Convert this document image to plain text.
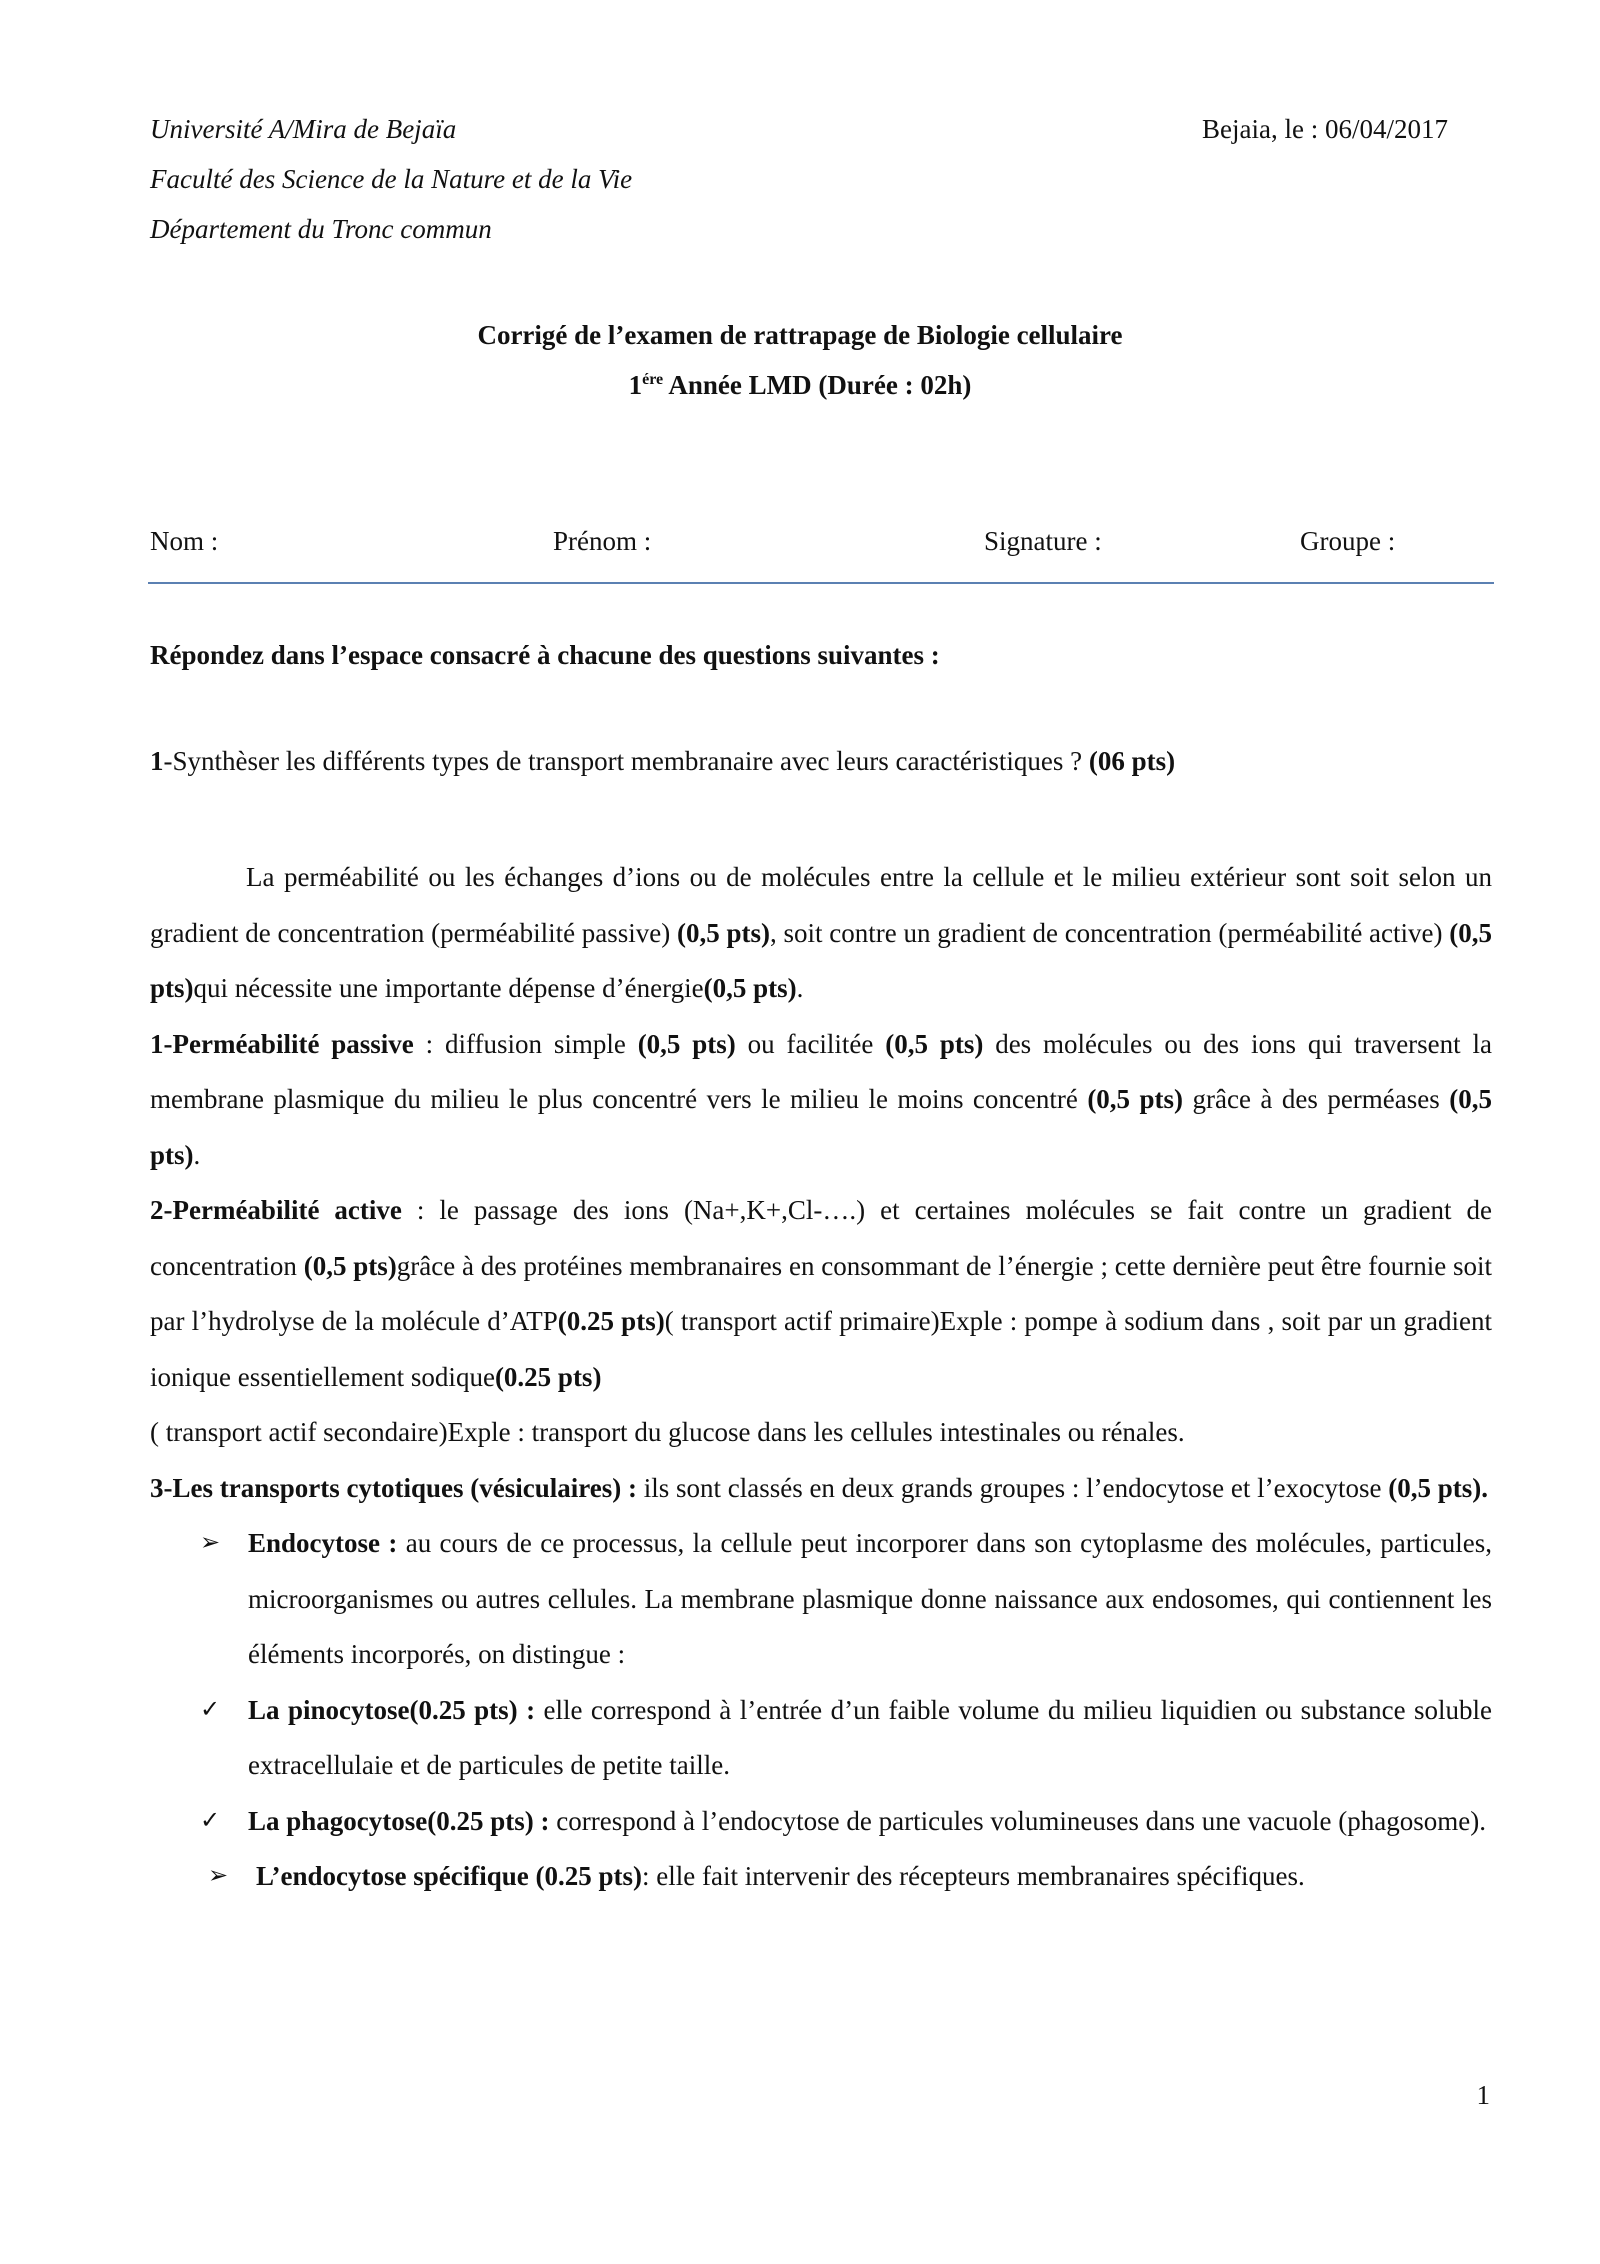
Université A/Mira de Bejaïa
Faculté des Science de la Nature et de la Vie
Département du Tronc commun
Bejaia, le : 06/04/2017
Corrigé de l’examen de rattrapage de Biologie cellulaire
$1^{ére}$ Année LMD (Durée : 02h)
Nom :	Prénom :	Signature :	Groupe :
Répondez dans l’espace consacré à chacune des questions suivantes :
1-Synthèser les différents types de transport membranaire avec leurs caractéristiques ? (06 pts)

La perméabilité ou les échanges d’ions ou de molécules entre la cellule et le milieu extérieur sont soit selon un gradient de concentration (perméabilité passive) (0,5 pts), soit contre un gradient de concentration (perméabilité active) (0,5 pts)qui nécessite une importante dépense d’énergie(0,5 pts).

1-Perméabilité passive : diffusion simple (0,5 pts) ou facilitée (0,5 pts) des molécules ou des ions qui traversent la membrane plasmique du milieu le plus concentré vers le milieu le moins concentré (0,5 pts) grâce à des perméases (0,5 pts).

2-Perméabilité active : le passage des ions (Na+,K+,Cl-….) et certaines molécules se fait contre un gradient de concentration (0,5 pts)grâce à des protéines membranaires en consommant de l’énergie ; cette dernière peut être fournie soit par l’hydrolyse de la molécule d’ATP(0.25 pts)( transport actif primaire)Exple : pompe à sodium dans , soit par un gradient ionique essentiellement sodique(0.25 pts)

( transport actif secondaire)Exple : transport du glucose dans les cellules intestinales ou rénales.

3-Les transports cytotiques (vésiculaires) : ils sont classés en deux grands groupes : l’endocytose et l’exocytose (0,5 pts).

➢ Endocytose : au cours de ce processus, la cellule peut incorporer dans son cytoplasme des molécules, particules, microorganismes ou autres cellules. La membrane plasmique donne naissance aux endosomes, qui contiennent les éléments incorporés, on distingue :

✓ La pinocytose(0.25 pts) : elle correspond à l’entrée d’un faible volume du milieu liquidien ou substance soluble extracellulaie et de particules de petite taille.

✓ La phagocytose(0.25 pts) : correspond à l’endocytose de particules volumineuses dans une vacuole (phagosome).

➢ L’endocytose spécifique (0.25 pts): elle fait intervenir des récepteurs membranaires spécifiques.

1
